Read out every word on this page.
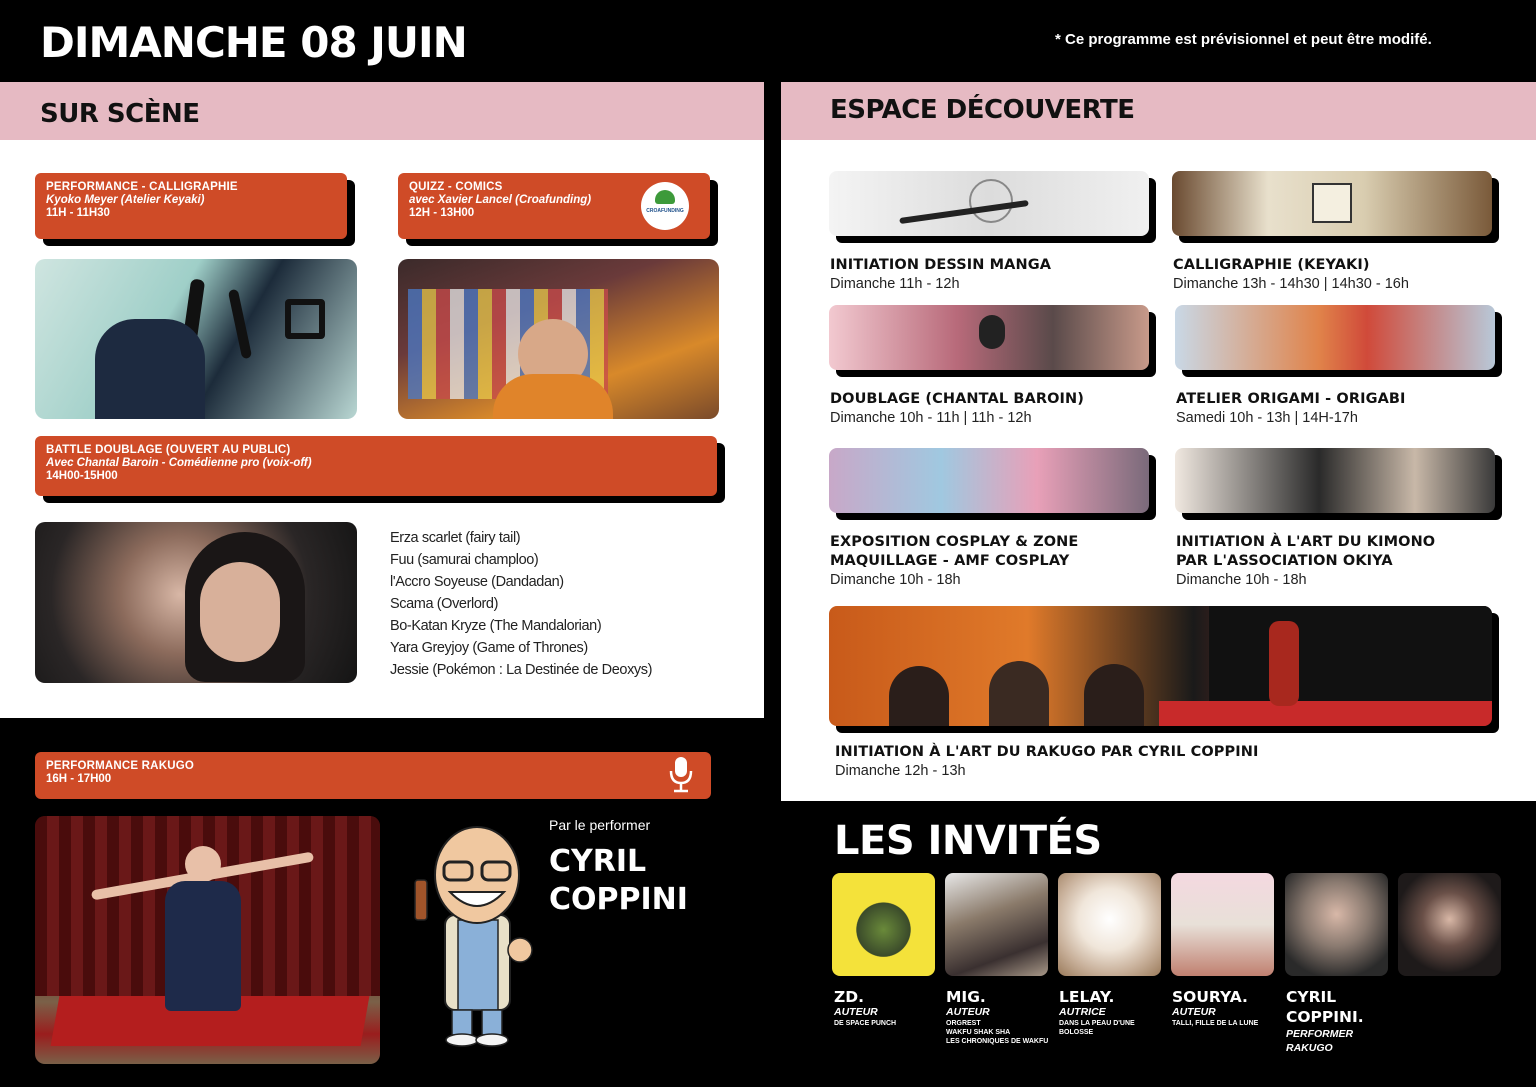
DIMANCHE 08 JUIN	* Ce programme est prévisionnel et peut être modifé.
SUR SCÈNE
PERFORMANCE - CALLIGRAPHIE
Kyoko Meyer (Atelier Keyaki)
11H - 11H30
QUIZZ - COMICS
avec Xavier Lancel (Croafunding)
12H - 13H00	CROAFUNDING
BATTLE DOUBLAGE (OUVERT AU PUBLIC)
Avec Chantal Baroin - Comédienne pro (voix-off)
14H00-15H00
Erza scarlet (fairy tail)
Fuu (samurai champloo)
l'Accro Soyeuse (Dandadan)
Scama (Overlord)
Bo-Katan Kryze (The Mandalorian)
Yara Greyjoy (Game of Thrones)
Jessie (Pokémon : La Destinée de Deoxys)
PERFORMANCE RAKUGO
16H - 17H00
Par le performer
CYRIL
COPPINI
ESPACE DÉCOUVERTE
INITIATION DESSIN MANGA
Dimanche 11h - 12h
CALLIGRAPHIE (KEYAKI)
Dimanche 13h - 14h30 | 14h30 - 16h
DOUBLAGE (CHANTAL BAROIN)
Dimanche 10h - 11h | 11h - 12h
ATELIER ORIGAMI - ORIGABI
Samedi 10h - 13h | 14H-17h
EXPOSITION COSPLAY & ZONE
MAQUILLAGE - AMF COSPLAY
Dimanche 10h - 18h
INITIATION À L'ART DU KIMONO
PAR L'ASSOCIATION OKIYA
Dimanche 10h - 18h
INITIATION À L'ART DU RAKUGO PAR CYRIL COPPINI
Dimanche 12h - 13h
LES INVITÉS
ZD.
AUTEUR
DE SPACE PUNCH
MIG.
AUTEUR
ORGREST
WAKFU SHAK SHA
LES CHRONIQUES DE WAKFU
LELAY.
AUTRICE
DANS LA PEAU D'UNE
BOLOSSE
SOURYA.
AUTEUR
TALLI, FILLE DE LA LUNE
CYRIL
COPPINI.
PERFORMER
RAKUGO
